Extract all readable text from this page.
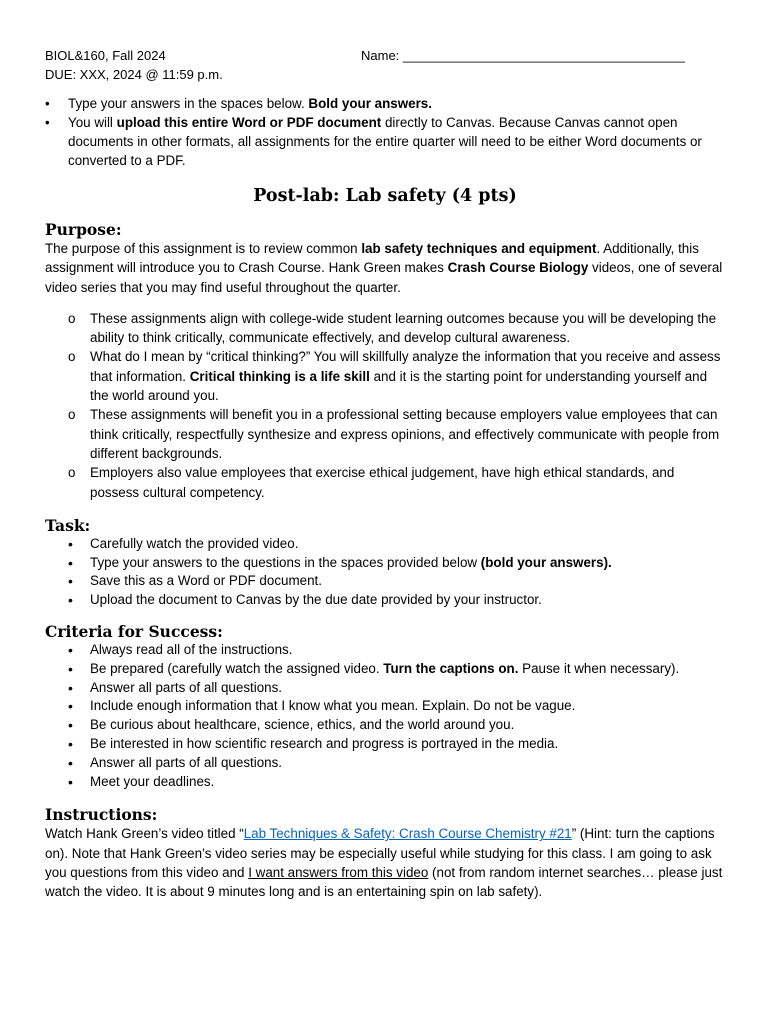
BIOL&160, Fall 2024
DUE: XXX, 2024 @ 11:59 p.m.
Name: _______________________________________
• Type your answers in the spaces below. Bold your answers.
• You will upload this entire Word or PDF document directly to Canvas. Because Canvas cannot open documents in other formats, all assignments for the entire quarter will need to be either Word documents or converted to a PDF.
Post-lab: Lab safety (4 pts)
Purpose:

The purpose of this assignment is to review common lab safety techniques and equipment. Additionally, this assignment will introduce you to Crash Course. Hank Green makes Crash Course Biology videos, one of several video series that you may find useful throughout the quarter.

o These assignments align with college-wide student learning outcomes because you will be developing the ability to think critically, communicate effectively, and develop cultural awareness.
o What do I mean by “critical thinking?” You will skillfully analyze the information that you receive and assess that information. Critical thinking is a life skill and it is the starting point for understanding yourself and the world around you.
o These assignments will benefit you in a professional setting because employers value employees that can think critically, respectfully synthesize and express opinions, and effectively communicate with people from different backgrounds.
o Employers also value employees that exercise ethical judgement, have high ethical standards, and possess cultural competency.
Task:
• Carefully watch the provided video.
• Type your answers to the questions in the spaces provided below (bold your answers).
• Save this as a Word or PDF document.
• Upload the document to Canvas by the due date provided by your instructor.
Criteria for Success:
• Always read all of the instructions.
• Be prepared (carefully watch the assigned video. Turn the captions on. Pause it when necessary).
• Answer all parts of all questions.
• Include enough information that I know what you mean. Explain. Do not be vague.
• Be curious about healthcare, science, ethics, and the world around you.
• Be interested in how scientific research and progress is portrayed in the media.
• Answer all parts of all questions.
• Meet your deadlines.
Instructions:

Watch Hank Green’s video titled “Lab Techniques & Safety: Crash Course Chemistry #21” (Hint: turn the captions on). Note that Hank Green’s video series may be especially useful while studying for this class. I am going to ask you questions from this video and I want answers from this video (not from random internet searches… please just watch the video. It is about 9 minutes long and is an entertaining spin on lab safety).
